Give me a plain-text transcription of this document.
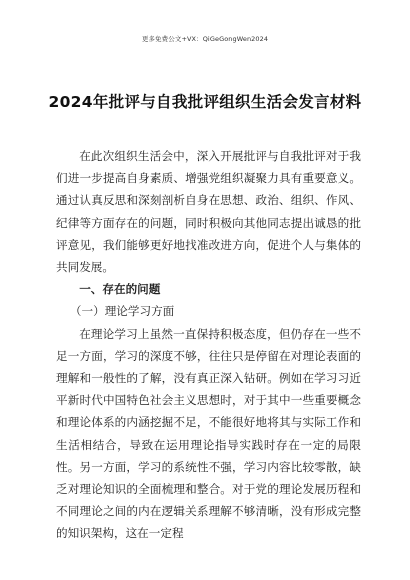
更多免费公文+VX：QiGeGongWen2024
2024年批评与自我批评组织生活会发言材料

在此次组织生活会中，深入开展批评与自我批评对于我们进一步提高自身素质、增强党组织凝聚力具有重要意义。通过认真反思和深刻剖析自身在思想、政治、组织、作风、纪律等方面存在的问题，同时积极向其他同志提出诚恳的批评意见，我们能够更好地找准改进方向，促进个人与集体的共同发展。

一、存在的问题

（一）理论学习方面

在理论学习上虽然一直保持积极态度，但仍存在一些不足一方面，学习的深度不够，往往只是停留在对理论表面的理解和一般性的了解，没有真正深入钻研。例如在学习习近平新时代中国特色社会主义思想时，对于其中一些重要概念和理论体系的内涵挖掘不足，不能很好地将其与实际工作和生活相结合，导致在运用理论指导实践时存在一定的局限性。另一方面，学习的系统性不强，学习内容比较零散，缺乏对理论知识的全面梳理和整合。对于党的理论发展历程和不同理论之间的内在逻辑关系理解不够清晰，没有形成完整的知识架构，这在一定程
